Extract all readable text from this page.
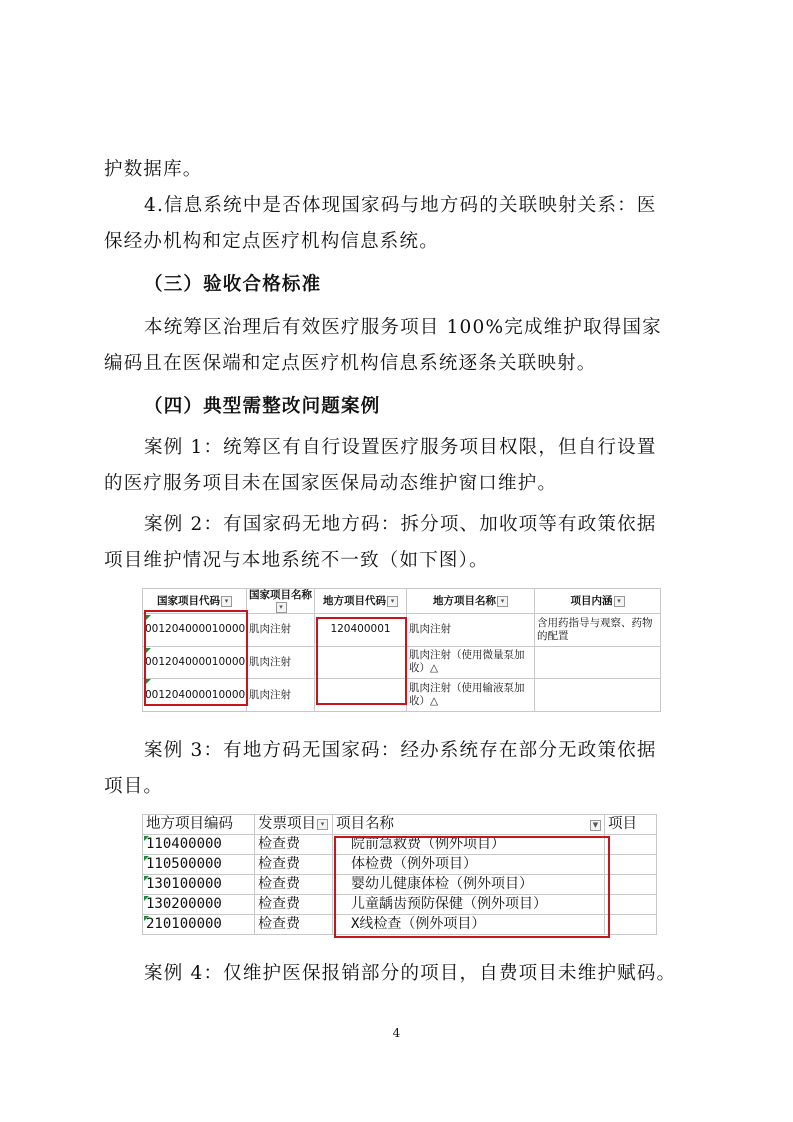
护数据库。

4.信息系统中是否体现国家码与地方码的关联映射关系：医

保经办机构和定点医疗机构信息系统。

（三）验收合格标准

本统筹区治理后有效医疗服务项目 100%完成维护取得国家

编码且在医保端和定点医疗机构信息系统逐条关联映射。

（四）典型需整改问题案例

案例 1：统筹区有自行设置医疗服务项目权限，但自行设置

的医疗服务项目未在国家医保局动态维护窗口维护。

案例 2：有国家码无地方码：拆分项、加收项等有政策依据

项目维护情况与本地系统不一致（如下图）。

国家项目代码 ▾	国家项目名称▾	地方项目代码 ▾	地方项目名称 ▾	项目内涵 ▾
001204000010000	肌肉注射	120400001	肌肉注射	含用药指导与观察、药物的配置
001204000010000	肌肉注射		肌肉注射（使用微量泵加收）△	
001204000010000	肌肉注射		肌肉注射（使用输液泵加收）△	

案例 3：有地方码无国家码：经办系统存在部分无政策依据

项目。

地方项目编码	发票项目 ▾	项目名称 ▼	项目
110400000	检查费	院前急救费（例外项目）	
110500000	检查费	体检费（例外项目）	
130100000	检查费	婴幼儿健康体检（例外项目）	
130200000	检查费	儿童龋齿预防保健（例外项目）	
210100000	检查费	X线检查（例外项目）	

案例 4：仅维护医保报销部分的项目，自费项目未维护赋码。

4
